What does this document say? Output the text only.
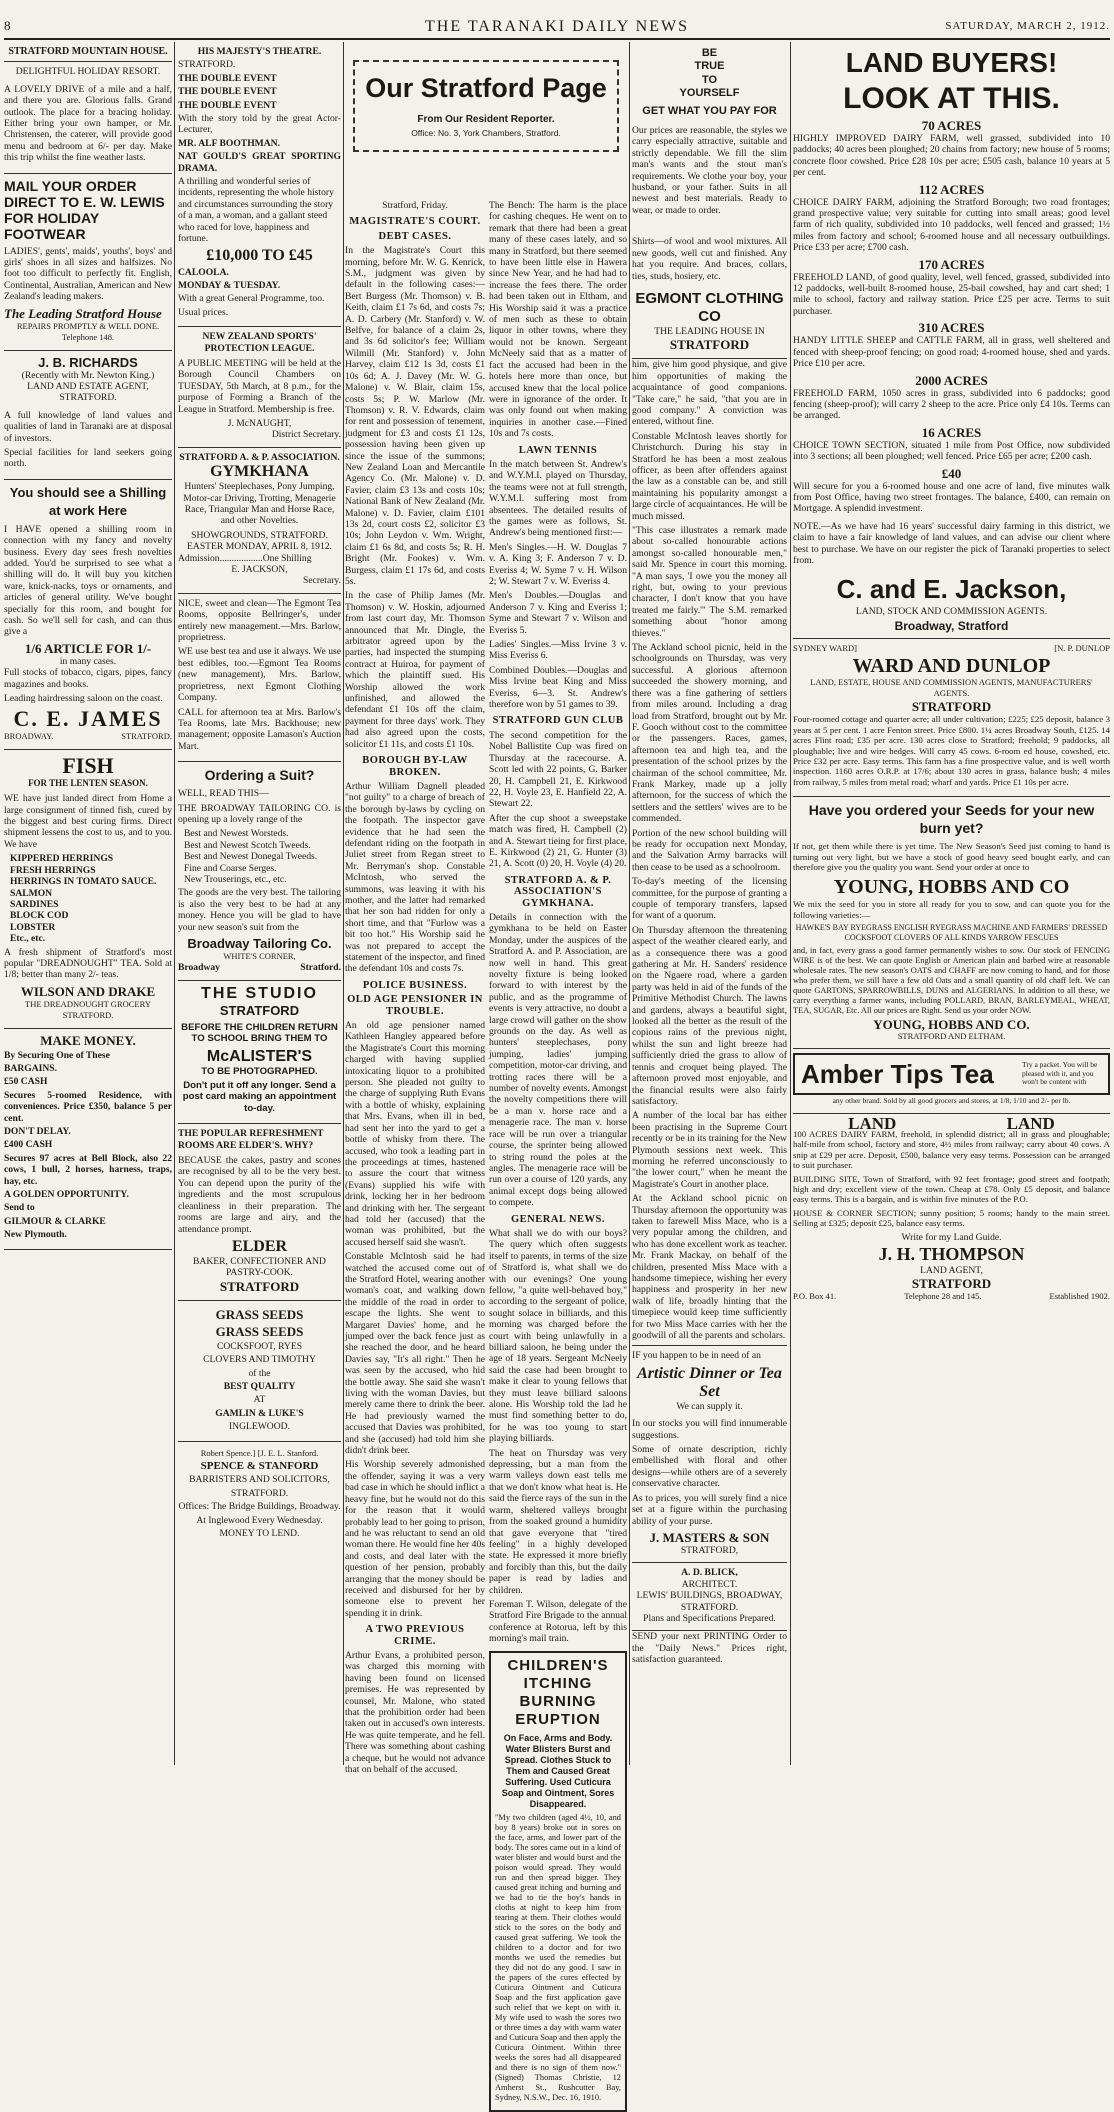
8	THE TARANAKI DAILY NEWS	SATURDAY, MARCH 2, 1912.
STRATFORD MOUNTAIN HOUSE.
DELIGHTFUL HOLIDAY RESORT.

A LOVELY DRIVE of a mile and a half, and there you are. Glorious falls. Grand outlook. The place for a bracing holiday. Either bring your own hamper, or Mr. Christensen, the caterer, will provide good menu and bedroom at 6/- per day. Make this trip whilst the fine weather lasts.

MAIL YOUR ORDER DIRECT TO E. W. LEWIS FOR HOLIDAY FOOTWEAR

LADIES', gents', maids', youths', boys' and girls' shoes in all sizes and halfsizes. No foot too difficult to perfectly fit. English, Continental, Australian, American and New Zealand's leading makers.

The Leading Stratford House
REPAIRS PROMPTLY & WELL DONE. Telephone 148.
J. B. RICHARDS
(Recently with Mr. Newton King.)
LAND AND ESTATE AGENT,
STRATFORD.

A full knowledge of land values and qualities of land in Taranaki are at disposal of investors.

Special facilities for land seekers going north.

You should see a Shilling at work Here

I HAVE opened a shilling room in connection with my fancy and novelty business. Every day sees fresh novelties added. You'd be surprised to see what a shilling will do. It will buy you kitchen ware, knick-nacks, toys or ornaments, and articles of general utility. We've bought specially for this room, and bought for cash. So we'll sell for cash, and can thus give a

1/6 ARTICLE FOR 1/-
in many cases.

Full stocks of tobacco, cigars, pipes, fancy magazines and books.

Leading hairdressing saloon on the coast.

C. E. JAMES
BROADWAY.	STRATFORD.
FISH
FOR THE LENTEN SEASON.

WE have just landed direct from Home a large consignment of tinned fish, cured by the biggest and best curing firms. Direct shipment lessens the cost to us, and to you. We have

KIPPERED HERRINGS
FRESH HERRINGS
HERRINGS IN TOMATO SAUCE.
SALMON
SARDINES
BLOCK COD
LOBSTER
Etc., etc.

A fresh shipment of Stratford's most popular "DREADNOUGHT" TEA. Sold at 1/8; better than many 2/- teas.

WILSON AND DRAKE
THE DREADNOUGHT GROCERY
STRATFORD.
MAKE MONEY.

By Securing One of These

BARGAINS.

£50 CASH

Secures 5-roomed Residence, with conveniences. Price £350, balance 5 per cent.

DON'T DELAY.

£400 CASH

Secures 97 acres at Bell Block, also 22 cows, 1 bull, 2 horses, harness, traps, hay, etc.

A GOLDEN OPPORTUNITY.

Send to

GILMOUR & CLARKE

New Plymouth.

HIS MAJESTY'S THEATRE.

STRATFORD.

THE DOUBLE EVENT

THE DOUBLE EVENT

THE DOUBLE EVENT

With the story told by the great Actor-Lecturer,

MR. ALF BOOTHMAN.

NAT GOULD'S GREAT SPORTING DRAMA.

A thrilling and wonderful series of incidents, representing the whole history and circumstances surrounding the story of a man, a woman, and a gallant steed who raced for love, happiness and fortune.

£10,000 TO £45

CALOOLA.

MONDAY & TUESDAY.

With a great General Programme, too.

Usual prices.

NEW ZEALAND SPORTS' PROTECTION LEAGUE.

A PUBLIC MEETING will be held at the Borough Council Chambers on TUESDAY, 5th March, at 8 p.m., for the purpose of Forming a Branch of the League in Stratford. Membership is free.

J. McNAUGHT,
District Secretary.
STRATFORD A. & P. ASSOCIATION.
GYMKHANA

Hunters' Steeplechases, Pony Jumping, Motor-car Driving, Trotting, Menagerie Race, Triangular Man and Horse Race, and other Novelties.

SHOWGROUNDS, STRATFORD.
EASTER MONDAY, APRIL 8, 1912.
Admission..................One Shilling
E. JACKSON,
Secretary.

NICE, sweet and clean—The Egmont Tea Rooms, opposite Bellringer's, under entirely new management.—Mrs. Barlow, proprietress.

WE use best tea and use it always. We use best edibles, too.—Egmont Tea Rooms (new management), Mrs. Barlow, proprietress, next Egmont Clothing Company.

CALL for afternoon tea at Mrs. Barlow's Tea Rooms, late Mrs. Backhouse; new management; opposite Lamason's Auction Mart.

Ordering a Suit?

WELL, READ THIS—

THE BROADWAY TAILORING CO. is opening up a lovely range of the

Best and Newest Worsteds.
Best and Newest Scotch Tweeds.
Best and Newest Donegal Tweeds.
Fine and Coarse Serges.
New Trouserings, etc., etc.

The goods are the very best. The tailoring is also the very best to be had at any money. Hence you will be glad to have your new season's suit from the

Broadway Tailoring Co.
WHITE'S CORNER,
Broadway	Stratford.
THE STUDIO
STRATFORD

BEFORE THE CHILDREN RETURN TO SCHOOL BRING THEM TO

McALISTER'S

TO BE PHOTOGRAPHED.

Don't put it off any longer. Send a post card making an appointment to-day.

THE POPULAR REFRESHMENT ROOMS ARE ELDER'S. WHY?

BECAUSE the cakes, pastry and scones are recognised by all to be the very best. You can depend upon the purity of the ingredients and the most scrupulous cleanliness in their preparation. The rooms are large and airy, and the attendance prompt.

ELDER
BAKER, CONFECTIONER AND PASTRY-COOK.
STRATFORD

GRASS SEEDS

GRASS SEEDS

COCKSFOOT, RYES

CLOVERS AND TIMOTHY

of the

BEST QUALITY

AT

GAMLIN & LUKE'S

INGLEWOOD.

Robert Spence.] [J. E. L. Stanford.

SPENCE & STANFORD

BARRISTERS AND SOLICITORS,

STRATFORD.

Offices: The Bridge Buildings, Broadway.

At Inglewood Every Wednesday.

MONEY TO LEND.

Our Stratford Page
From Our Resident Reporter.
Office: No. 3, York Chambers, Stratford.
Stratford, Friday.
MAGISTRATE'S COURT.
DEBT CASES.

In the Magistrate's Court this morning, before Mr. W. G. Kenrick, S.M., judgment was given by default in the following cases:—Bert Burgess (Mr. Thomson) v. B. Keith, claim £1 7s 6d, and costs 7s; A. D. Carbery (Mr. Stanford) v. W. Belfve, for balance of a claim 2s, and 3s 6d solicitor's fee; William Wilmill (Mr. Stanford) v. John Harvey, claim £12 1s 3d, costs £1 10s 6d; A. J. Davey (Mr. W. G. Malone) v. W. Blair, claim 15s, costs 5s; P. W. Marlow (Mr. Thomson) v. R. V. Edwards, claim for rent and possession of tenement, judgment for £3 and costs £1 12s, possession having been given up since the issue of the summons; New Zealand Loan and Mercantile Agency Co. (Mr. Malone) v. D. Favier, claim £3 13s and costs 10s; National Bank of New Zealand (Mr. Malone) v. D. Favier, claim £101 13s 2d, court costs £2, solicitor £3 10s; John Leydon v. Wm. Wright, claim £1 6s 8d, and costs 5s; R. H. Bright (Mr. Fookes) v. Wm. Burgess, claim £1 17s 6d, and costs 5s.

In the case of Philip James (Mr. Thomson) v. W. Hoskin, adjourned from last court day, Mr. Thomson announced that Mr. Dingle, the arbitrator agreed upon by the parties, had inspected the stumping contract at Huiroa, for payment of which the plaintiff sued. His Worship allowed the work unfinished, and allowed the defendant £1 10s off the claim, payment for three days' work. They had also agreed upon the costs, solicitor £1 11s, and costs £1 10s.

BOROUGH BY-LAW BROKEN.

Arthur William Dagnell pleaded "not guilty" to a charge of breach of the borough by-laws by cycling on the footpath. The inspector gave evidence that he had seen the defendant riding on the footpath in Juliet street from Regan street to Mr. Berryman's shop. Constable McIntosh, who served the summons, was leaving it with his mother, and the latter had remarked that her son had ridden for only a short time, and that "Furlow was a bit too hot." His Worship said he was not prepared to accept the statement of the inspector, and fined the defendant 10s and costs 7s.

POLICE BUSINESS.
OLD AGE PENSIONER IN TROUBLE.

An old age pensioner named Kathleen Hangley appeared before the Magistrate's Court this morning charged with having supplied intoxicating liquor to a prohibited person. She pleaded not guilty to the charge of supplying Ruth Evans with a bottle of whisky, explaining that Mrs. Evans, when ill in bed, had sent her into the yard to get a bottle of whisky from there. The accused, who took a leading part in the proceedings at times, hastened to assure the court that witness (Evans) supplied his wife with drink, locking her in her bedroom and drinking with her. The sergeant had told her (accused) that the woman was prohibited, but the accused herself said she wasn't.

Constable McIntosh said he had watched the accused come out of the Stratford Hotel, wearing another woman's coat, and walking down the middle of the road in order to escape the lights. She went to Margaret Davies' home, and he jumped over the back fence just as she reached the door, and he heard Davies say, "It's all right." Then he was seen by the accused, who hid the bottle away. She said she wasn't living with the woman Davies, but merely came there to drink the beer. He had previously warned the accused that Davies was prohibited, and she (accused) had told him she didn't drink beer.

His Worship severely admonished the offender, saying it was a very bad case in which he should inflict a heavy fine, but he would not do this for the reason that it would probably lead to her going to prison, and he was reluctant to send an old woman there. He would fine her 40s and costs, and deal later with the question of her pension, probably arranging that the money should be received and disbursed for her by someone else to prevent her spending it in drink.

A TWO PREVIOUS CRIME.

Arthur Evans, a prohibited person, was charged this morning with having been found on licensed premises. He was represented by counsel, Mr. Malone, who stated that the prohibition order had been taken out in accused's own interests. He was quite temperate, and he fell. There was something about cashing a cheque, but he would not advance that on behalf of the accused.

The Bench: The harm is the place for cashing cheques. He went on to remark that there had been a great many of these cases lately, and so many in Stratford, but there seemed to have been little else in Hawera since New Year, and he had had to increase the fees there. The order had been taken out in Eltham, and His Worship said it was a practice of men such as these to obtain liquor in other towns, where they would not be known. Sergeant McNeely said that as a matter of fact the accused had been in the hotels here more than once, but accused knew that the local police were in ignorance of the order. It was only found out when making inquiries in another case.—Fined 10s and 7s costs.

LAWN TENNIS

In the match between St. Andrew's and W.Y.M.I. played on Thursday, the teams were not at full strength, W.Y.M.I. suffering most from absentees. The detailed results of the games were as follows, St. Andrew's being mentioned first:—

Men's Singles.—H. W. Douglas 7 v. A. King 3; F. Anderson 7 v. D. Everiss 4; W. Syme 7 v. H. Wilson 2; W. Stewart 7 v. W. Everiss 4.

Men's Doubles.—Douglas and Anderson 7 v. King and Everiss 1; Syme and Stewart 7 v. Wilson and Everiss 5.

Ladies' Singles.—Miss Irvine 3 v. Miss Everiss 6.

Combined Doubles.—Douglas and Miss Irvine beat King and Miss Everiss, 6—3. St. Andrew's therefore won by 51 games to 39.

STRATFORD GUN CLUB

The second competition for the Nobel Ballistite Cup was fired on Thursday at the racecourse. A. Scott led with 22 points, G. Barker 20, H. Campbell 21, E. Kirkwood 22, H. Voyle 23, E. Hanfield 22, A. Stewart 22.

After the cup shoot a sweepstake match was fired, H. Campbell (2) and A. Stewart tieing for first place, E. Kirkwood (2) 21, G. Hunter (3) 21, A. Scott (0) 20, H. Voyle (4) 20.

STRATFORD A. & P. ASSOCIATION'S GYMKHANA.

Details in connection with the gymkhana to be held on Easter Monday, under the auspices of the Stratford A. and P. Association, are now well in hand. This great novelty fixture is being looked forward to with interest by the public, and as the programme of events is very attractive, no doubt a large crowd will gather on the show grounds on the day. As well as hunters' steeplechases, pony jumping, ladies' jumping competition, motor-car driving, and trotting races there will be a number of novelty events. Amongst the novelty competitions there will be a man v. horse race and a menagerie race. The man v. horse race will be run over a triangular course, the sprinter being allowed to string round the poles at the angles. The menagerie race will be run over a course of 120 yards, any animal except dogs being allowed to compete.

GENERAL NEWS.

What shall we do with our boys? The query which often suggests itself to parents, in terms of the size of Stratford is, what shall we do with our evenings? One young fellow, "a quite well-behaved boy," according to the sergeant of police, sought solace in billiards, and this morning was charged before the court with being unlawfully in a billiard saloon, he being under the age of 18 years. Sergeant McNeely said the case had been brought to make it clear to young fellows that they must leave billiard saloons alone. His Worship told the lad he must find something better to do, for he was too young to start playing billiards.

The heat on Thursday was very depressing, but a man from the warm valleys down east tells me that we don't know what heat is. He said the fierce rays of the sun in the warm, sheltered valleys brought from the soaked ground a humidity that gave everyone that "tired feeling" in a highly developed state. He expressed it more briefly and forcibly than this, but the daily paper is read by ladies and children.

Foreman T. Wilson, delegate of the Stratford Fire Brigade to the annual conference at Rotorua, left by this morning's mail train.

CHILDREN'S ITCHING BURNING ERUPTION

On Face, Arms and Body. Water Blisters Burst and Spread. Clothes Stuck to Them and Caused Great Suffering. Used Cuticura Soap and Ointment, Sores Disappeared.

"My two children (aged 4½, 10, and boy 8 years) broke out in sores on the face, arms, and lower part of the body. The sores came out in a kind of water blister and would burst and the poison would spread. They would run and then spread bigger. They caused great itching and burning and we had to tie the boy's hands in cloths at night to keep him from tearing at them. Their clothes would stick to the sores on the body and caused great suffering. We took the children to a doctor and for two months we used the remedies but they did not do any good. I saw in the papers of the cures effected by Cuticura Ointment and Cuticura Soap and the first application gave such relief that we kept on with it. My wife used to wash the sores two or three times a day with warm water and Cuticura Soap and then apply the Cuticura Ointment. Within three weeks the sores had all disappeared and there is no sign of them now." (Signed) Thomas Christie, 12 Amherst St., Rushcutter Bay, Sydney, N.S.W., Dec. 16, 1910.

BE

TRUE

TO

YOURSELF

GET WHAT YOU PAY FOR

Our prices are reasonable, the styles we carry especially attractive, suitable and strictly dependable. We fill the slim man's wants and the stout man's requirements. We clothe your boy, your husband, or your father. Suits in all newest and best materials. Ready to wear, or made to order.

Shirts—of wool and wool mixtures. All new goods, well cut and finished. Any hat you require. And braces, collars, ties, studs, hosiery, etc.

EGMONT CLOTHING CO
THE LEADING HOUSE IN
STRATFORD

him, give him good physique, and give him opportunities of making the acquaintance of good companions. "Take care," he said, "that you are in good company." A conviction was entered, without fine.

Constable McIntosh leaves shortly for Christchurch. During his stay in Stratford he has been a most zealous officer, as been after offenders against the law as a constable can be, and still maintaining his popularity amongst a large circle of acquaintances. He will be much missed.

"This case illustrates a remark made about so-called honourable actions amongst so-called honourable men," said Mr. Spence in court this morning. "A man says, 'I owe you the money all right, but, owing to your previous character, I don't know that you have treated me fairly.'" The S.M. remarked something about "honor among thieves."

The Ackland school picnic, held in the schoolgrounds on Thursday, was very successful. A glorious afternoon succeeded the showery morning, and there was a fine gathering of settlers from miles around. Including a drag load from Stratford, brought out by Mr. F. Gooch without cost to the committee or the passengers. Races, games, afternoon tea and high tea, and the presentation of the school prizes by the chairman of the school committee, Mr. Frank Markey, made up a jolly afternoon, for the success of which the settlers and the settlers' wives are to be commended.

Portion of the new school building will be ready for occupation next Monday, and the Salvation Army barracks will then cease to be used as a schoolroom.

To-day's meeting of the licensing committee, for the purpose of granting a couple of temporary transfers, lapsed for want of a quorum.

On Thursday afternoon the threatening aspect of the weather cleared early, and as a consequence there was a good gathering at Mr. H. Sanders' residence on the Ngaere road, where a garden party was held in aid of the funds of the Primitive Methodist Church. The lawns and gardens, always a beautiful sight, looked all the better as the result of the copious rains of the previous night, whilst the sun and light breeze had sufficiently dried the grass to allow of tennis and croquet being played. The afternoon proved most enjoyable, and the financial results were also fairly satisfactory.

A number of the local bar has either been practising in the Supreme Court recently or be in its training for the New Plymouth sessions next week. This morning he referred unconsciously to "the lower court," when he meant the Magistrate's Court in another place.

At the Ackland school picnic on Thursday afternoon the opportunity was taken to farewell Miss Mace, who is a very popular among the children, and who has done excellent work as teacher. Mr. Frank Mackay, on behalf of the children, presented Miss Mace with a handsome timepiece, wishing her every happiness and prosperity in her new walk of life, broadly hinting that the timepiece would keep time sufficiently for two Miss Mace carries with her the goodwill of all the parents and scholars.

IF you happen to be in need of an

Artistic Dinner or Tea Set
We can supply it.

In our stocks you will find innumerable suggestions.

Some of ornate description, richly embellished with floral and other designs—while others are of a severely conservative character.

As to prices, you will surely find a nice set at a figure within the purchasing ability of your purse.

J. MASTERS & SON
STRATFORD,
A. D. BLICK,
ARCHITECT.
LEWIS' BUILDINGS, BROADWAY,
STRATFORD.
Plans and Specifications Prepared.

SEND your next PRINTING Order to the "Daily News." Prices right, satisfaction guaranteed.

LAND BUYERS!
LOOK AT THIS.
70 ACRES

HIGHLY IMPROVED DAIRY FARM, well grassed, subdivided into 10 paddocks; 40 acres been ploughed; 20 chains from factory; new house of 5 rooms; concrete floor cowshed. Price £28 10s per acre; £505 cash, balance 10 years at 5 per cent.

112 ACRES

CHOICE DAIRY FARM, adjoining the Stratford Borough; two road frontages; grand prospective value; very suitable for cutting into small areas; good level farm of rich quality, subdivided into 10 paddocks, well fenced and grassed; 1½ miles from factory and school; 6-roomed house and all necessary outbuildings. Price £33 per acre; £700 cash.

170 ACRES

FREEHOLD LAND, of good quality, level, well fenced, grassed, subdivided into 12 paddocks, well-built 8-roomed house, 25-bail cowshed, hay and cart shed; 1 mile to school, factory and railway station. Price £25 per acre. Terms to suit purchaser.

310 ACRES

HANDY LITTLE SHEEP and CATTLE FARM, all in grass, well sheltered and fenced with sheep-proof fencing; on good road; 4-roomed house, shed and yards. Price £10 per acre.

2000 ACRES

FREEHOLD FARM, 1050 acres in grass, subdivided into 6 paddocks; good fencing (sheep-proof); will carry 2 sheep to the acre. Price only £4 10s. Terms can be arranged.

16 ACRES

CHOICE TOWN SECTION, situated 1 mile from Post Office, now subdivided into 3 sections; all been ploughed; well fenced. Price £65 per acre; £200 cash.

£40

Will secure for you a 6-roomed house and one acre of land, five minutes walk from Post Office, having two street frontages. The balance, £400, can remain on Mortgage. A splendid investment.

NOTE.—As we have had 16 years' successful dairy farming in this district, we claim to have a fair knowledge of land values, and can advise our client where best to purchase. We have on our register the pick of Taranaki properties to select from.

C. and E. Jackson,
LAND, STOCK AND COMMISSION AGENTS.
Broadway, Stratford
SYDNEY WARD]	[N. P. DUNLOP
WARD AND DUNLOP
LAND, ESTATE, HOUSE AND COMMISSION AGENTS, MANUFACTURERS' AGENTS.
STRATFORD

Four-roomed cottage and quarter acre; all under cultivation; £225; £25 deposit, balance 3 years at 5 per cent. 1 acre Fenton street. Price £800. 1¼ acres Broadway South, £125. 14 acres Flint road; £35 per acre. 130 acres close to Stratford; freehold; 9 paddocks, all ploughable; live and wire hedges. Will carry 45 cows. 6-room ed house, cowshed, etc. Price £32 per acre. Easy terms. This farm has a fine prospective value, and is well worth inspection. 1160 acres O.R.P. at 17/6; about 130 acres in grass, balance bush; 4 miles from railway, 5 miles from metal road; wharf and yards. Price £1 10s per acre.

Have you ordered your Seeds for your new burn yet?

If not, get them while there is yet time. The New Season's Seed just coming to hand is turning out very light, but we have a stock of good heavy seed bought early, and can therefore give you the quality you want. Send your order at once to

YOUNG, HOBBS AND CO

We mix the seed for you in store all ready for you to sow, and can quote you for the following varieties:—

HAWKE'S BAY RYEGRASS ENGLISH RYEGRASS MACHINE AND FARMERS' DRESSED COCKSFOOT CLOVERS OF ALL KINDS YARROW FESCUES

and, in fact, every grass a good farmer permanently wishes to sow. Our stock of FENCING WIRE is of the best. We can quote English or American plain and barbed wire at reasonable wholesale rates. The new season's OATS and CHAFF are now coming to hand, and for those who prefer them, we still have a few old Oats and a small quantity of old chaff left. We can quote GARTONS, SPARROWBILLS, DUNS and ALGERIANS. In addition to all these, we carry everything a farmer wants, including POLLARD, BRAN, BARLEYMEAL, WHEAT, TEA, SUGAR, Etc. All our prices are Right. Send us your order NOW.

YOUNG, HOBBS AND CO.
STRATFORD AND ELTHAM.
Amber Tips Tea	Try a packet. You will be pleased with it, and you won't be content with
any other brand. Sold by all good grocers and stores, at 1/8, 1/10 and 2/- per lb.
LAND	LAND

100 ACRES DAIRY FARM, freehold, in splendid district; all in grass and ploughable; half-mile from school, factory and store, 4½ miles from railway; carry about 40 cows. A snip at £29 per acre. Deposit, £500, balance very easy terms. Possession can be arranged to suit purchaser.

BUILDING SITE, Town of Stratford, with 92 feet frontage; good street and footpath; high and dry; excellent view of the town. Cheap at £78. Only £5 deposit, and balance easy terms. This is a bargain, and is within five minutes of the P.O.

HOUSE & CORNER SECTION; sunny position; 5 rooms; handy to the main street. Selling at £325; deposit £25, balance easy terms.

Write for my Land Guide.
J. H. THOMPSON
LAND AGENT,
STRATFORD
P.O. Box 41.	Telephone 28 and 145.	Established 1902.
